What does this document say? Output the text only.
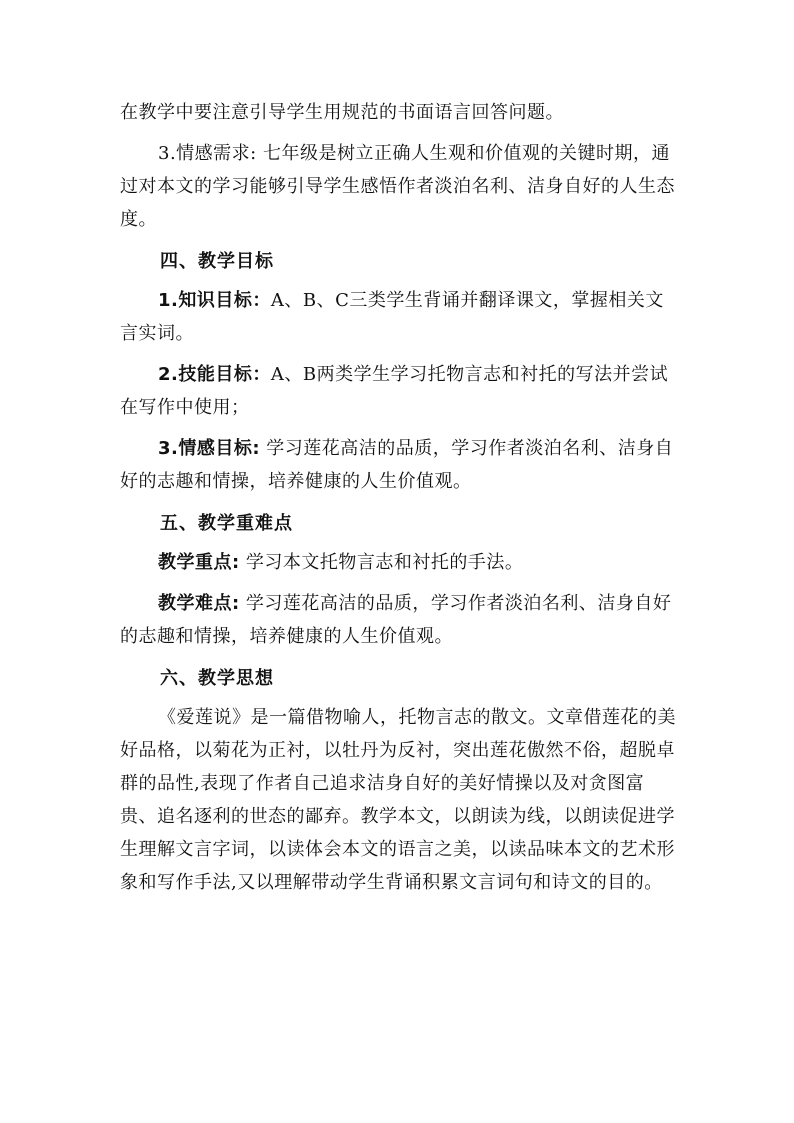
在教学中要注意引导学生用规范的书面语言回答问题。

3.情感需求: 七年级是树立正确人生观和价值观的关键时期，通过对本文的学习能够引导学生感悟作者淡泊名利、洁身自好的人生态度。

四、教学目标

1.知识目标：A、B、C三类学生背诵并翻译课文，掌握相关文言实词。

2.技能目标：A、B两类学生学习托物言志和衬托的写法并尝试在写作中使用；

3.情感目标: 学习莲花高洁的品质，学习作者淡泊名利、洁身自好的志趣和情操，培养健康的人生价值观。

五、教学重难点

教学重点: 学习本文托物言志和衬托的手法。

教学难点: 学习莲花高洁的品质，学习作者淡泊名利、洁身自好的志趣和情操，培养健康的人生价值观。

六、教学思想

《爱莲说》是一篇借物喻人，托物言志的散文。文章借莲花的美好品格，以菊花为正衬，以牡丹为反衬，突出莲花傲然不俗，超脱卓群的品性,表现了作者自己追求洁身自好的美好情操以及对贪图富贵、追名逐利的世态的鄙弃。教学本文，以朗读为线，以朗读促进学生理解文言字词，以读体会本文的语言之美，以读品味本文的艺术形象和写作手法,又以理解带动学生背诵积累文言词句和诗文的目的。
